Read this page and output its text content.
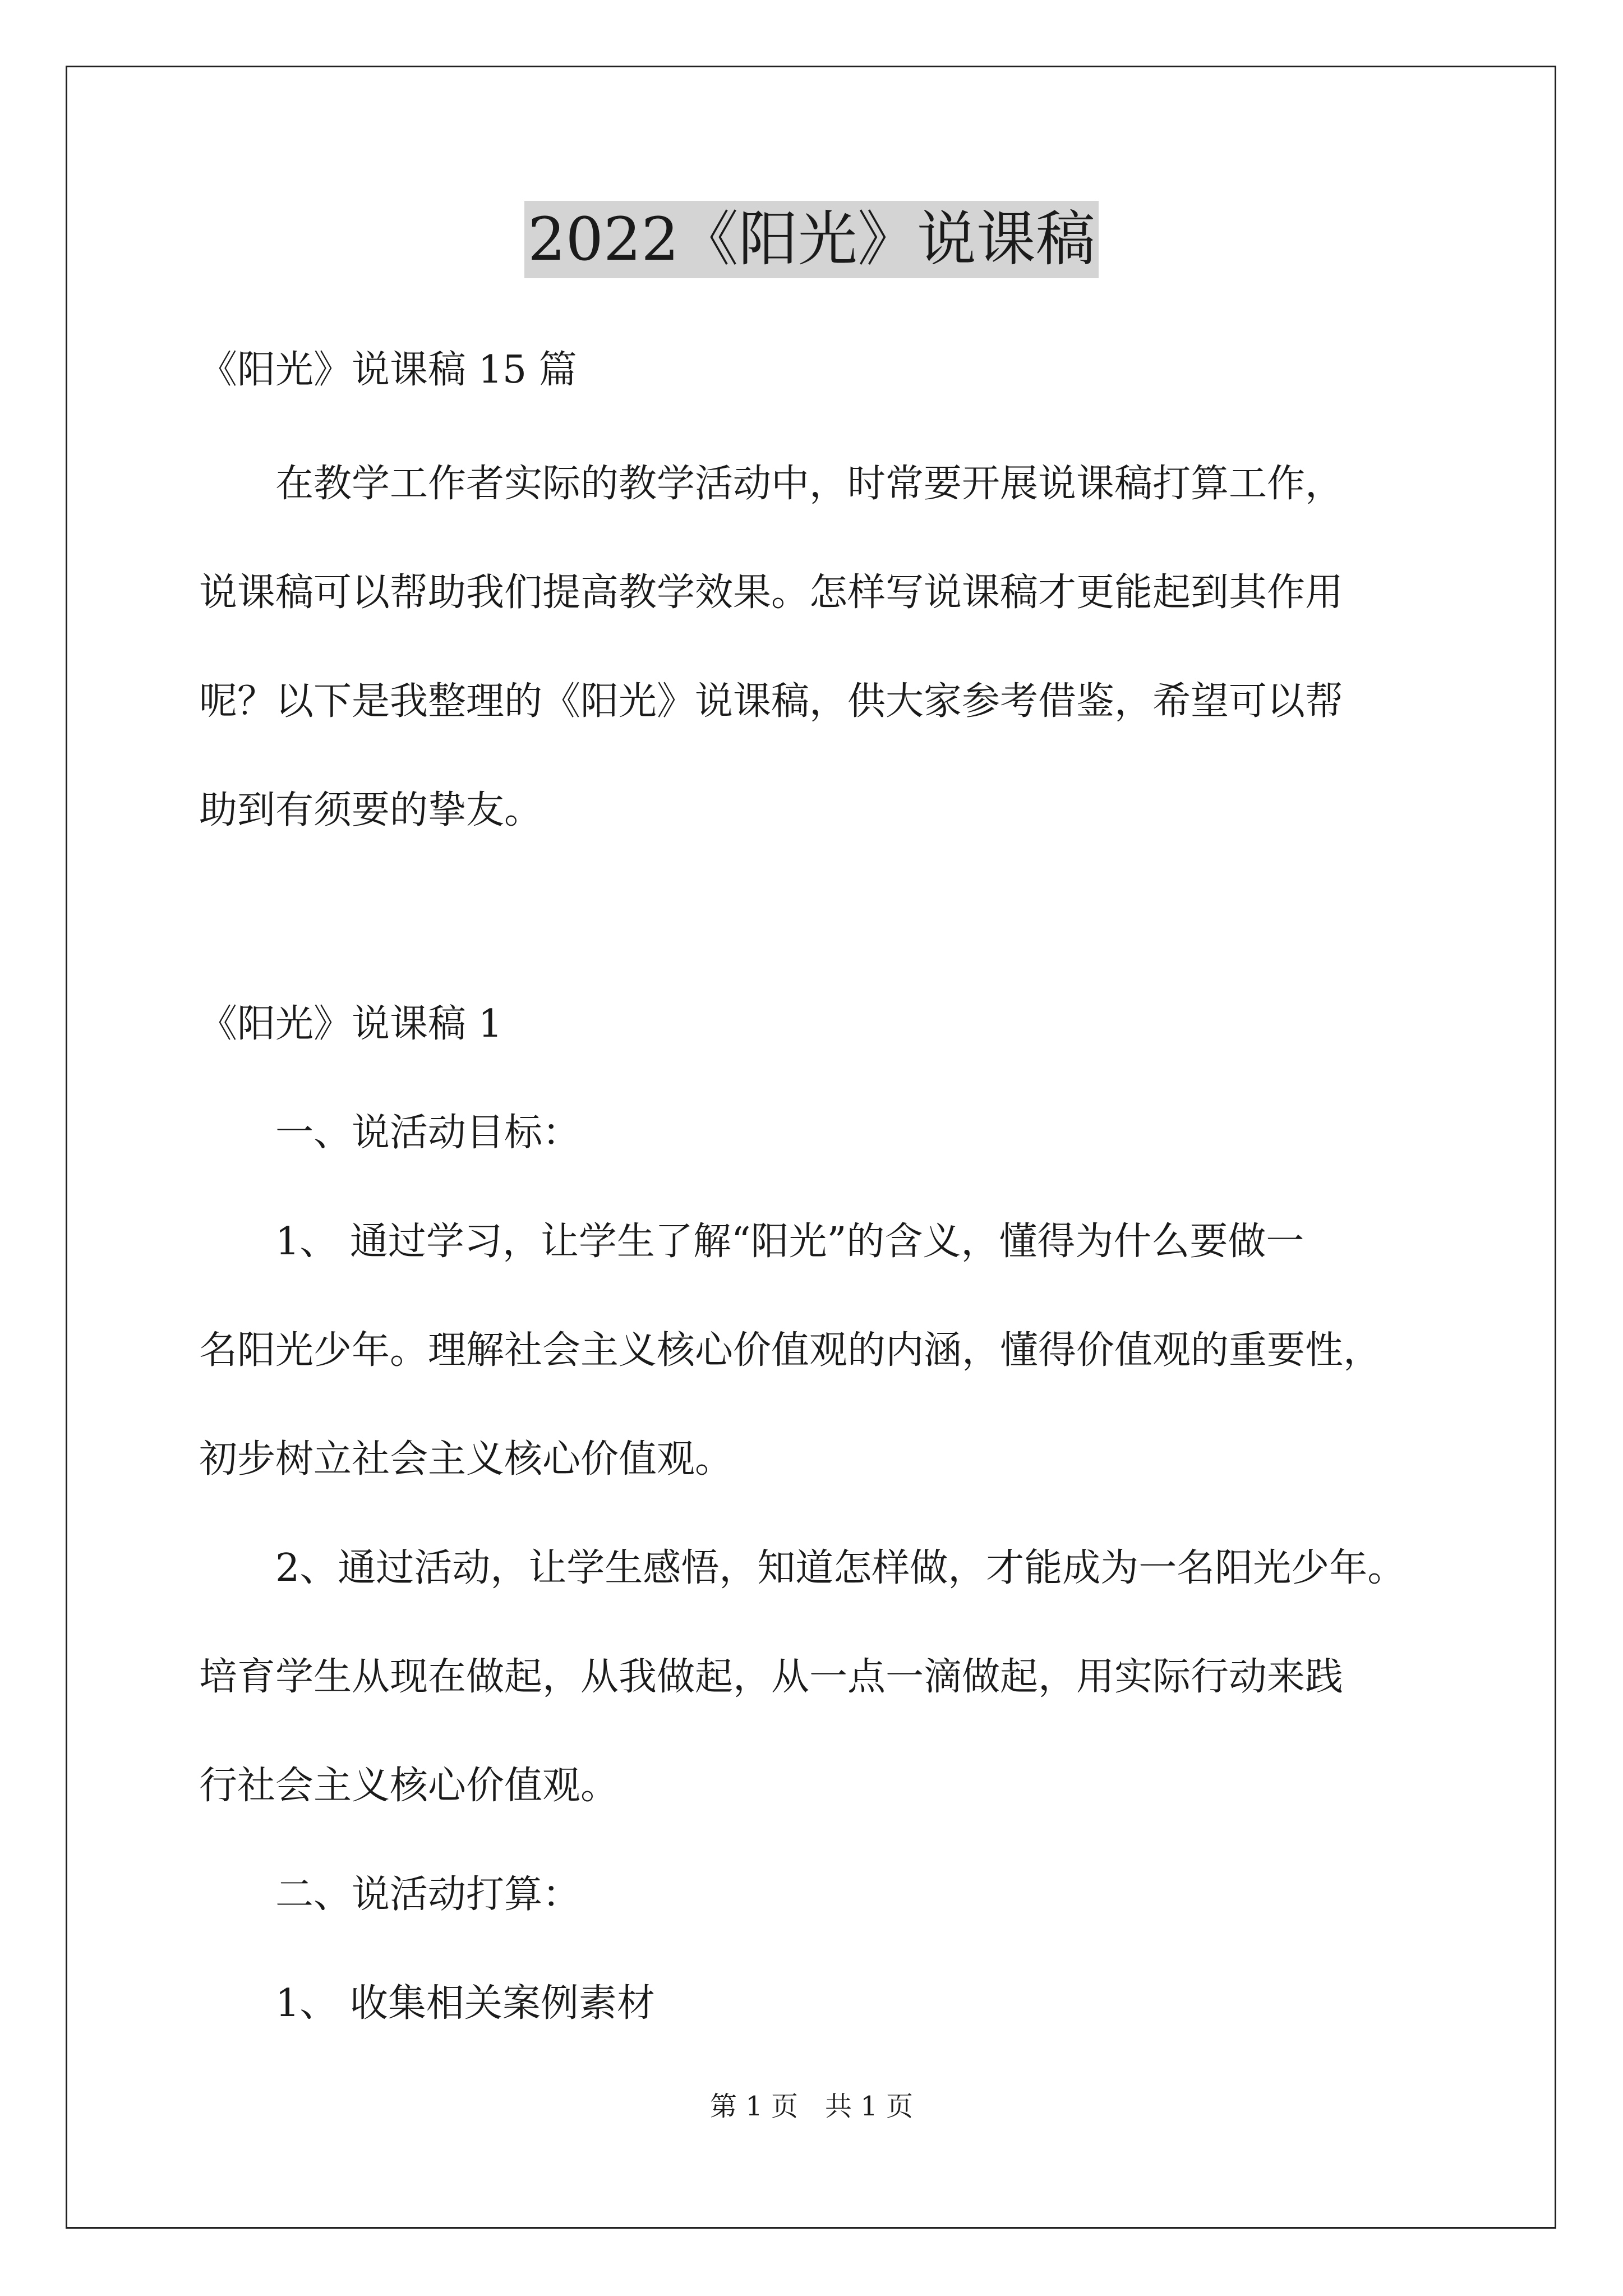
2022《阳光》说课稿

《阳光》说课稿 15 篇

　　在教学工作者实际的教学活动中，时常要开展说课稿打算工作，

说课稿可以帮助我们提高教学效果。怎样写说课稿才更能起到其作用

呢？以下是我整理的《阳光》说课稿，供大家参考借鉴，希望可以帮

助到有须要的挚友。

《阳光》说课稿 1

　　一、说活动目标：

　　1、 通过学习，让学生了解“阳光”的含义，懂得为什么要做一

名阳光少年。理解社会主义核心价值观的内涵，懂得价值观的重要性，

初步树立社会主义核心价值观。

　　2、通过活动，让学生感悟，知道怎样做，才能成为一名阳光少年。

培育学生从现在做起，从我做起，从一点一滴做起，用实际行动来践

行社会主义核心价值观。

　　二、说活动打算：

　　1、 收集相关案例素材

第 1 页　共 1 页
